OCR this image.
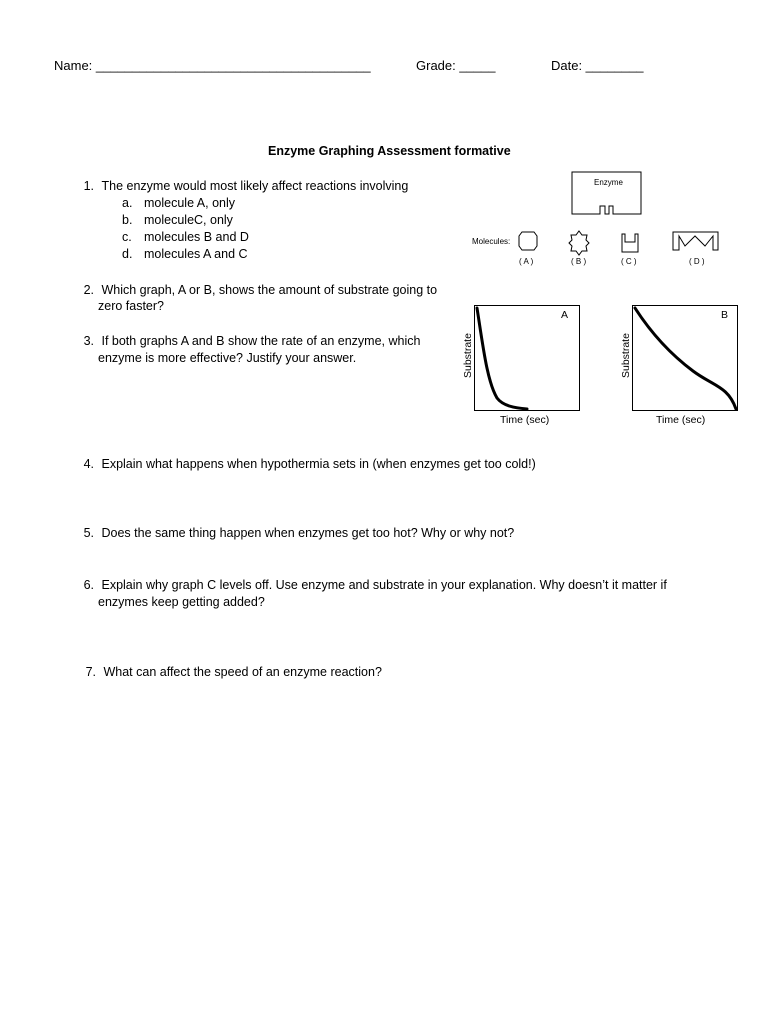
Name: ______________________________________	Grade: _____	Date: ________
Enzyme Graphing Assessment formative
1. The enzyme would most likely affect reactions involving
a. molecule A, only
b. moleculeC, only
c. molecules B and D
d. molecules A and C
2. Which graph, A or B, shows the amount of substrate going to
zero faster?
3. If both graphs A and B show the rate of an enzyme, which
enzyme is more effective? Justify your answer.
4. Explain what happens when hypothermia sets in (when enzymes get too cold!)
5. Does the same thing happen when enzymes get too hot? Why or why not?
6. Explain why graph C levels off. Use enzyme and substrate in your explanation. Why doesn’t it matter if
enzymes keep getting added?
7. What can affect the speed of an enzyme reaction?
Enzyme
Molecules:
( A )	( B )	( C )	( D )
A
Substrate
Time (sec)
B
Substrate
Time (sec)
